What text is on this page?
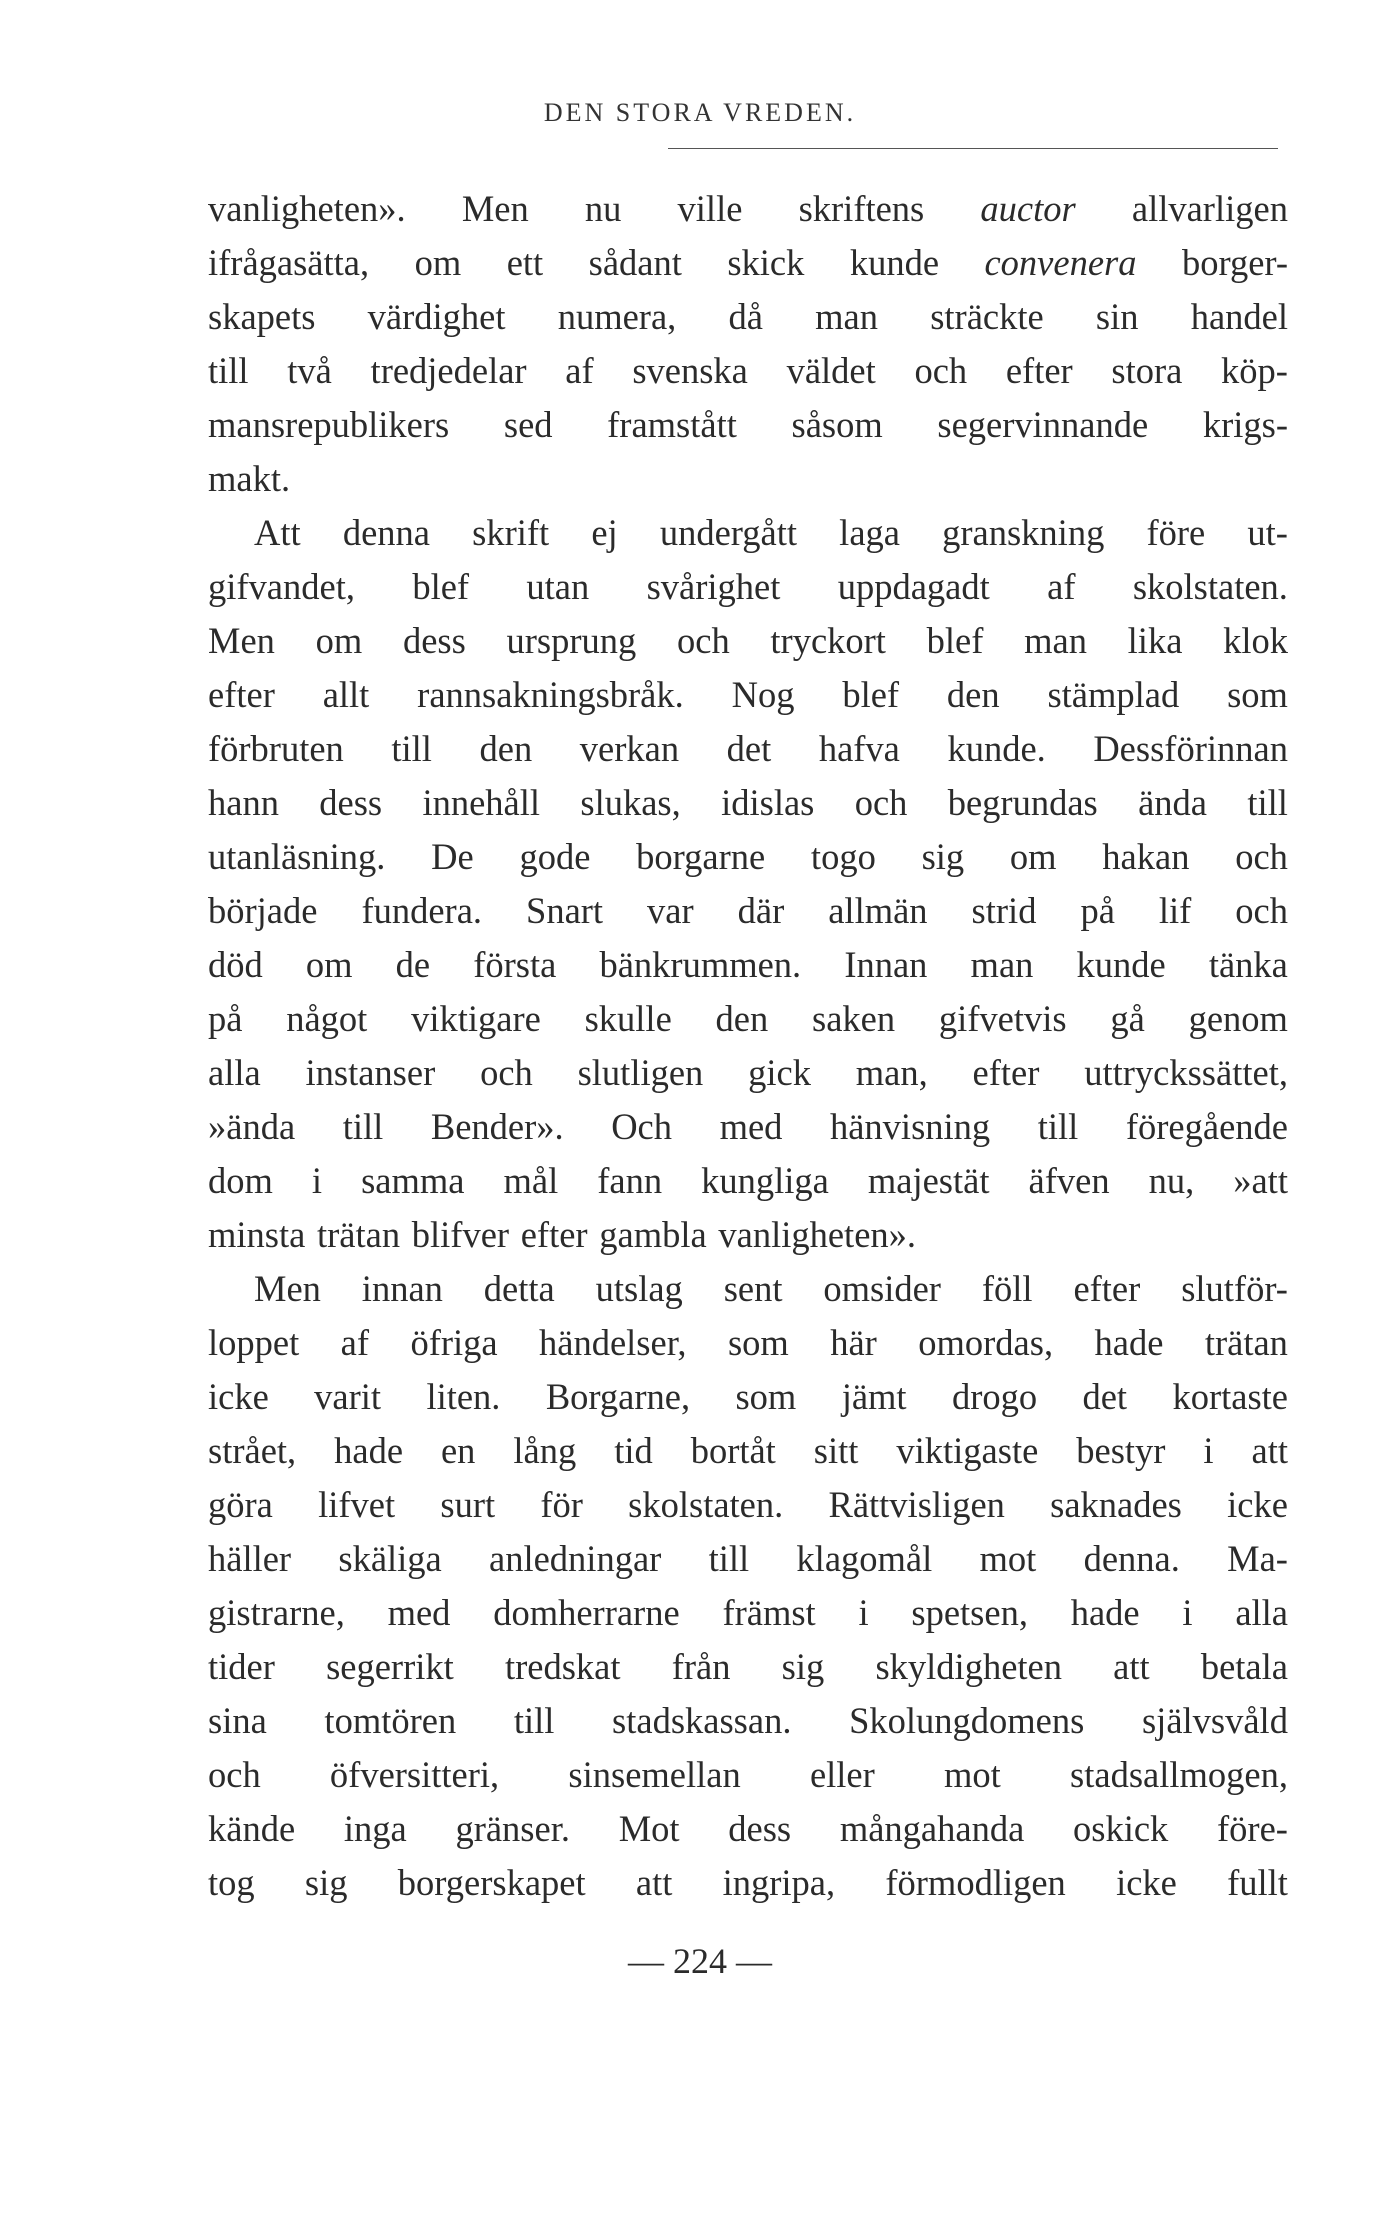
DEN STORA VREDEN.
vanligheten». Men nu ville skriftens auctor allvarligen
ifrågasätta, om ett sådant skick kunde convenera borger-
skapets värdighet numera, då man sträckte sin handel
till två tredjedelar af svenska väldet och efter stora köp-
mansrepublikers sed framstått såsom segervinnande krigs-
makt.
Att denna skrift ej undergått laga granskning före ut-
gifvandet, blef utan svårighet uppdagadt af skolstaten.
Men om dess ursprung och tryckort blef man lika klok
efter allt rannsakningsbråk. Nog blef den stämplad som
förbruten till den verkan det hafva kunde. Dessförinnan
hann dess innehåll slukas, idislas och begrundas ända till
utanläsning. De gode borgarne togo sig om hakan och
började fundera. Snart var där allmän strid på lif och
död om de första bänkrummen. Innan man kunde tänka
på något viktigare skulle den saken gifvetvis gå genom
alla instanser och slutligen gick man, efter uttryckssättet,
»ända till Bender». Och med hänvisning till föregående
dom i samma mål fann kungliga majestät äfven nu, »att
minsta trätan blifver efter gambla vanligheten».
Men innan detta utslag sent omsider föll efter slutför-
loppet af öfriga händelser, som här omordas, hade trätan
icke varit liten. Borgarne, som jämt drogo det kortaste
strået, hade en lång tid bortåt sitt viktigaste bestyr i att
göra lifvet surt för skolstaten. Rättvisligen saknades icke
häller skäliga anledningar till klagomål mot denna. Ma-
gistrarne, med domherrarne främst i spetsen, hade i alla
tider segerrikt tredskat från sig skyldigheten att betala
sina tomtören till stadskassan. Skolungdomens självsvåld
och öfversitteri, sinsemellan eller mot stadsallmogen,
kände inga gränser. Mot dess mångahanda oskick före-
tog sig borgerskapet att ingripa, förmodligen icke fullt
— 224 —
